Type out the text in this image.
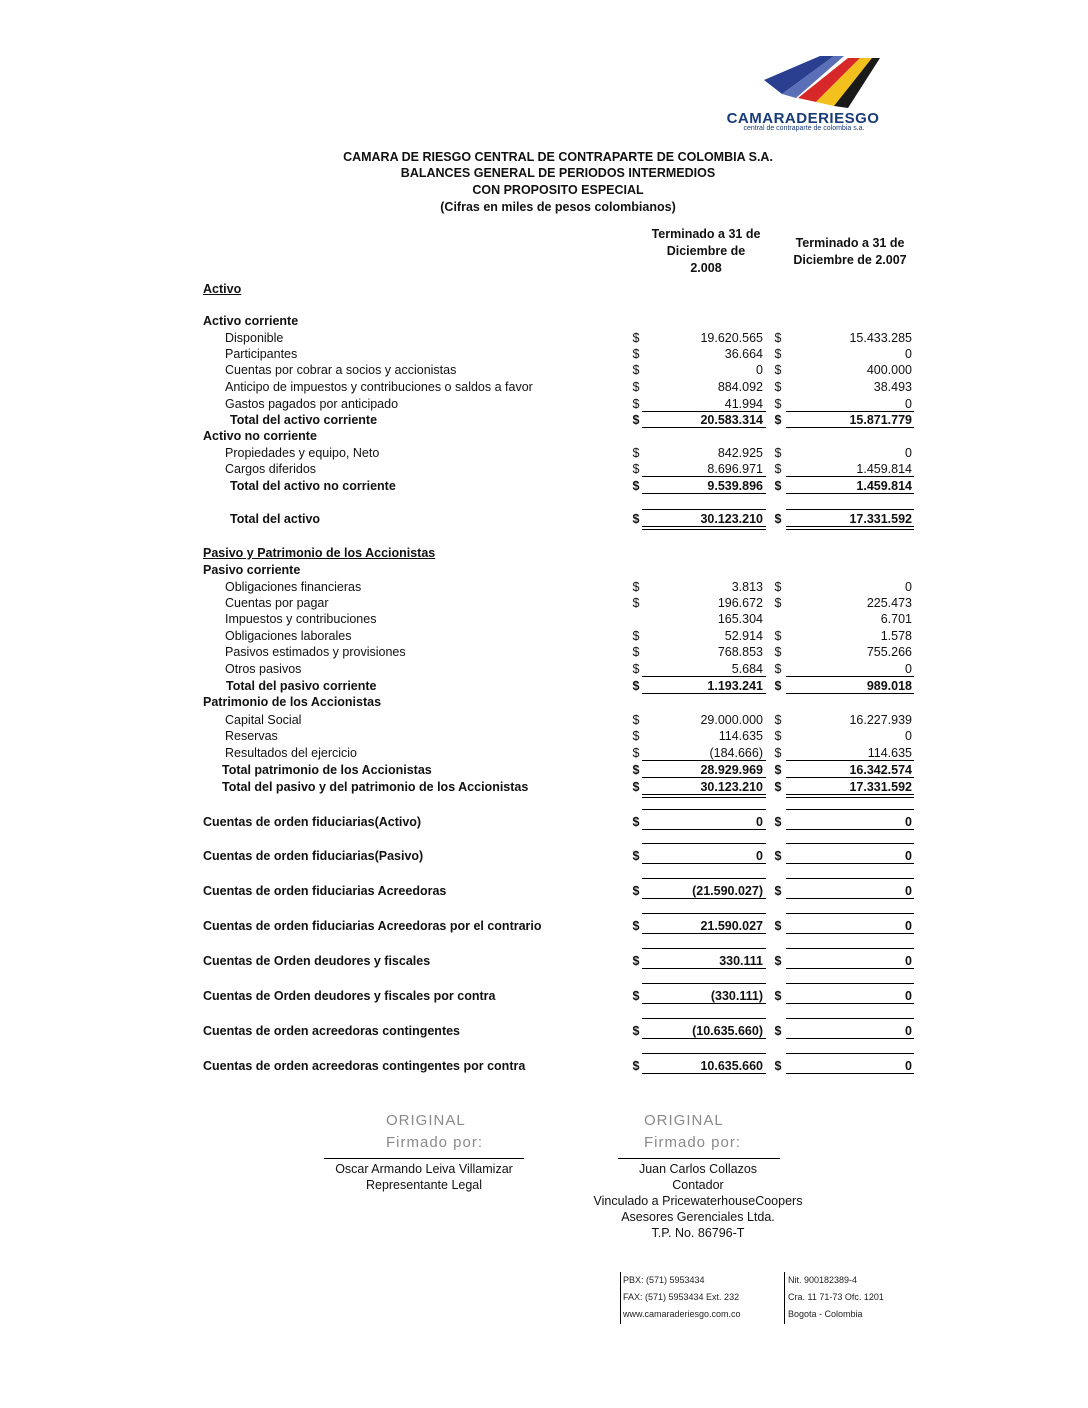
CAMARADERIESGO
central de contraparte de colombia s.a.
CAMARA DE RIESGO CENTRAL DE CONTRAPARTE DE COLOMBIA S.A.
BALANCES GENERAL DE PERIODOS INTERMEDIOS
CON PROPOSITO ESPECIAL
(Cifras en miles de pesos colombianos)
Terminado a 31 de
Diciembre de
2.008
Terminado a 31 de
Diciembre de 2.007
Activo
Activo corriente
Disponible	$	19.620.565 $	15.433.285
Participantes	$	36.664 $	0
Cuentas por cobrar a socios y accionistas	$	0 $	400.000
Anticipo de impuestos y contribuciones o saldos a favor	$	884.092 $	38.493
Gastos pagados por anticipado	$	41.994 $	0
Total del activo corriente	$	20.583.314 $	15.871.779
Activo no corriente
Propiedades y equipo, Neto	$	842.925 $	0
Cargos diferidos	$	8.696.971 $	1.459.814
Total del activo no corriente	$	9.539.896 $	1.459.814
Total del activo	$	30.123.210 $	17.331.592
Pasivo y Patrimonio de los Accionistas
Pasivo corriente
Obligaciones financieras	$	3.813 $	0
Cuentas por pagar	$	196.672 $	225.473
Impuestos y contribuciones	165.304	6.701
Obligaciones laborales	$	52.914 $	1.578
Pasivos estimados y provisiones	$	768.853 $	755.266
Otros pasivos	$	5.684 $	0
Total del pasivo corriente	$	1.193.241 $	989.018
Patrimonio de los Accionistas
Capital Social	$	29.000.000 $	16.227.939
Reservas	$	114.635 $	0
Resultados del ejercicio	$	(184.666) $	114.635
Total patrimonio de los Accionistas	$	28.929.969 $	16.342.574
Total del pasivo y del patrimonio de los Accionistas	$	30.123.210 $	17.331.592
Cuentas de orden fiduciarias(Activo)	$	0 $	0
Cuentas de orden fiduciarias(Pasivo)	$	0 $	0
Cuentas de orden fiduciarias Acreedoras	$	(21.590.027) $	0
Cuentas de orden fiduciarias Acreedoras por el contrario	$	21.590.027 $	0
Cuentas de Orden deudores y fiscales	$	330.111 $	0
Cuentas de Orden deudores y fiscales por contra	$	(330.111) $	0
Cuentas de orden acreedoras contingentes	$	(10.635.660) $	0
Cuentas de orden acreedoras contingentes por contra	$	10.635.660 $	0
ORIGINAL
Firmado por:
ORIGINAL
Firmado por:
Oscar Armando Leiva Villamizar
Representante Legal
Juan Carlos Collazos
Contador
Vinculado a PricewaterhouseCoopers
Asesores Gerenciales Ltda.
T.P. No. 86796-T
PBX: (571) 5953434
FAX: (571) 5953434 Ext. 232
www.camaraderiesgo.com.co
Nit. 900182389-4
Cra. 11 71-73 Ofc. 1201
Bogota - Colombia
